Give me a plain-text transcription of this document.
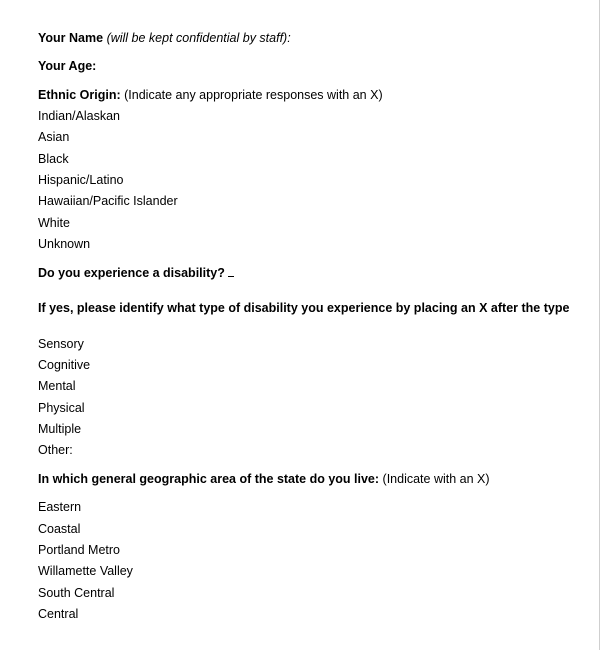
Your Name (will be kept confidential by staff):
Your Age:
Ethnic Origin: (Indicate any appropriate responses with an X)
Indian/Alaskan
Asian
Black
Hispanic/Latino
Hawaiian/Pacific Islander
White
Unknown
Do you experience a disability?
If yes, please identify what type of disability you experience by placing an X after the type
Sensory
Cognitive
Mental
Physical
Multiple
Other:
In which general geographic area of the state do you live: (Indicate with an X)
Eastern
Coastal
Portland Metro
Willamette Valley
South Central
Central
